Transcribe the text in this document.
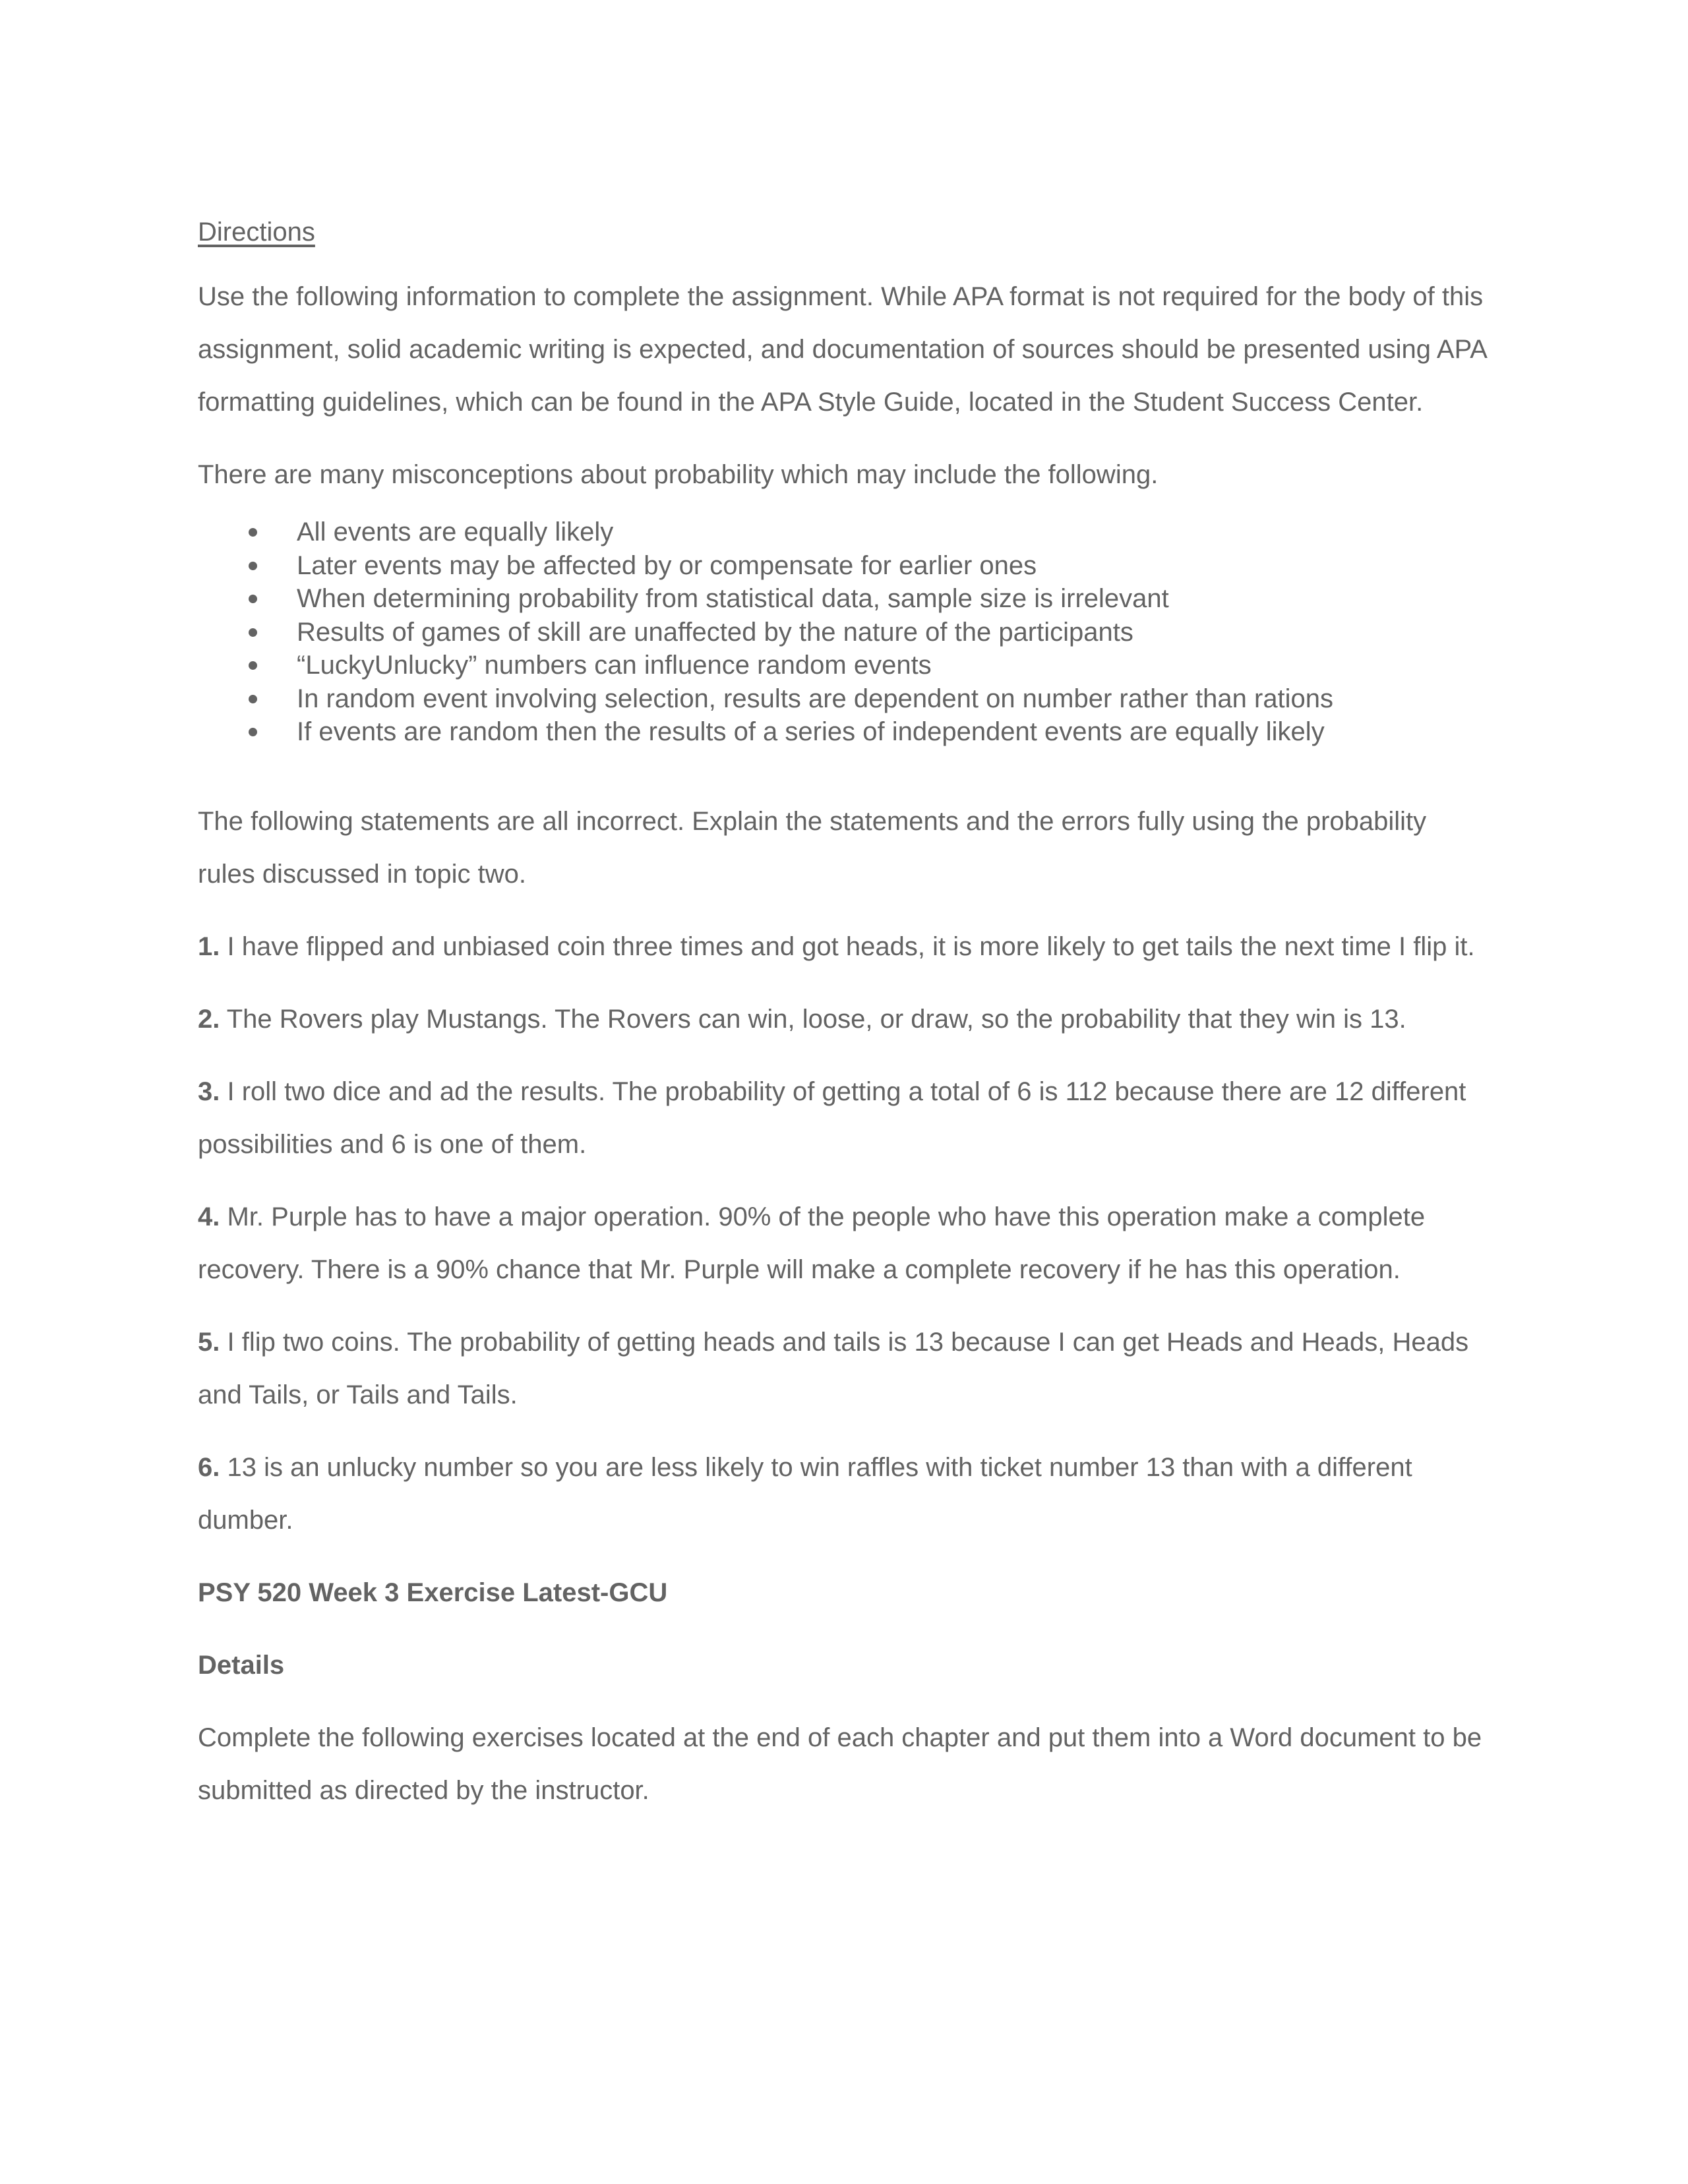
Directions

Use the following information to complete the assignment. While APA format is not required for the body of this assignment, solid academic writing is expected, and documentation of sources should be presented using APA formatting guidelines, which can be found in the APA Style Guide, located in the Student Success Center.

There are many misconceptions about probability which may include the following.

All events are equally likely
Later events may be affected by or compensate for earlier ones
When determining probability from statistical data, sample size is irrelevant
Results of games of skill are unaffected by the nature of the participants
“LuckyUnlucky” numbers can influence random events
In random event involving selection, results are dependent on number rather than rations
If events are random then the results of a series of independent events are equally likely

The following statements are all incorrect. Explain the statements and the errors fully using the probability rules discussed in topic two.

1. I have flipped and unbiased coin three times and got heads, it is more likely to get tails the next time I flip it.

2. The Rovers play Mustangs. The Rovers can win, loose, or draw, so the probability that they win is 13.

3. I roll two dice and ad the results. The probability of getting a total of 6 is 112 because there are 12 different possibilities and 6 is one of them.

4. Mr. Purple has to have a major operation. 90% of the people who have this operation make a complete recovery. There is a 90% chance that Mr. Purple will make a complete recovery if he has this operation.

5. I flip two coins. The probability of getting heads and tails is 13 because I can get Heads and Heads, Heads and Tails, or Tails and Tails.

6. 13 is an unlucky number so you are less likely to win raffles with ticket number 13 than with a different dumber.

PSY 520 Week 3 Exercise Latest-GCU

Details

Complete the following exercises located at the end of each chapter and put them into a Word document to be submitted as directed by the instructor.
